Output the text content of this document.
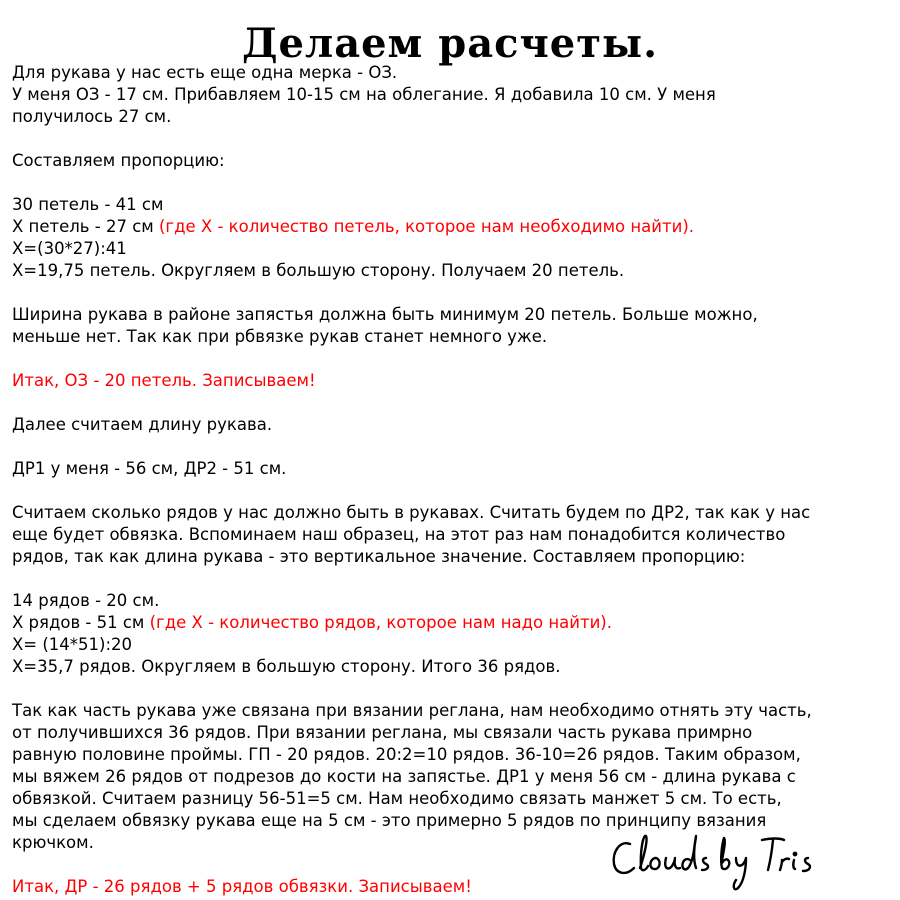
Делаем расчеты.
Для рукава у нас есть еще одна мерка - ОЗ.
У меня ОЗ - 17 см. Прибавляем 10-15 см на облегание. Я добавила 10 см. У меня
получилось 27 см.
Составляем пропорцию:
30 петель - 41 см
Х петель - 27 см (где Х - количество петель, которое нам необходимо найти).
Х=(30*27):41
Х=19,75 петель. Округляем в большую сторону. Получаем 20 петель.
Ширина рукава в районе запястья должна быть минимум 20 петель. Больше можно,
меньше нет. Так как при рбвязке рукав станет немного уже.
Итак, ОЗ - 20 петель. Записываем!
Далее считаем длину рукава.
ДР1 у меня - 56 см, ДР2 - 51 см.
Считаем сколько рядов у нас должно быть в рукавах. Считать будем по ДР2, так как у нас
еще будет обвязка. Вспоминаем наш образец, на этот раз нам понадобится количество
рядов, так как длина рукава - это вертикальное значение. Составляем пропорцию:
14 рядов - 20 см.
Х рядов - 51 см (где Х - количество рядов, которое нам надо найти).
Х= (14*51):20
Х=35,7 рядов. Округляем в большую сторону. Итого 36 рядов.
Так как часть рукава уже связана при вязании реглана, нам необходимо отнять эту часть,
от получившихся 36 рядов. При вязании реглана, мы связали часть рукава примрно
равную половине проймы. ГП - 20 рядов. 20:2=10 рядов. 36-10=26 рядов. Таким образом,
мы вяжем 26 рядов от подрезов до кости на запястье. ДР1 у меня 56 см - длина рукава с
обвязкой. Считаем разницу 56-51=5 см. Нам необходимо связать манжет 5 см. То есть,
мы сделаем обвязку рукава еще на 5 см - это примерно 5 рядов по принципу вязания
крючком.
Итак, ДР - 26 рядов + 5 рядов обвязки. Записываем!
